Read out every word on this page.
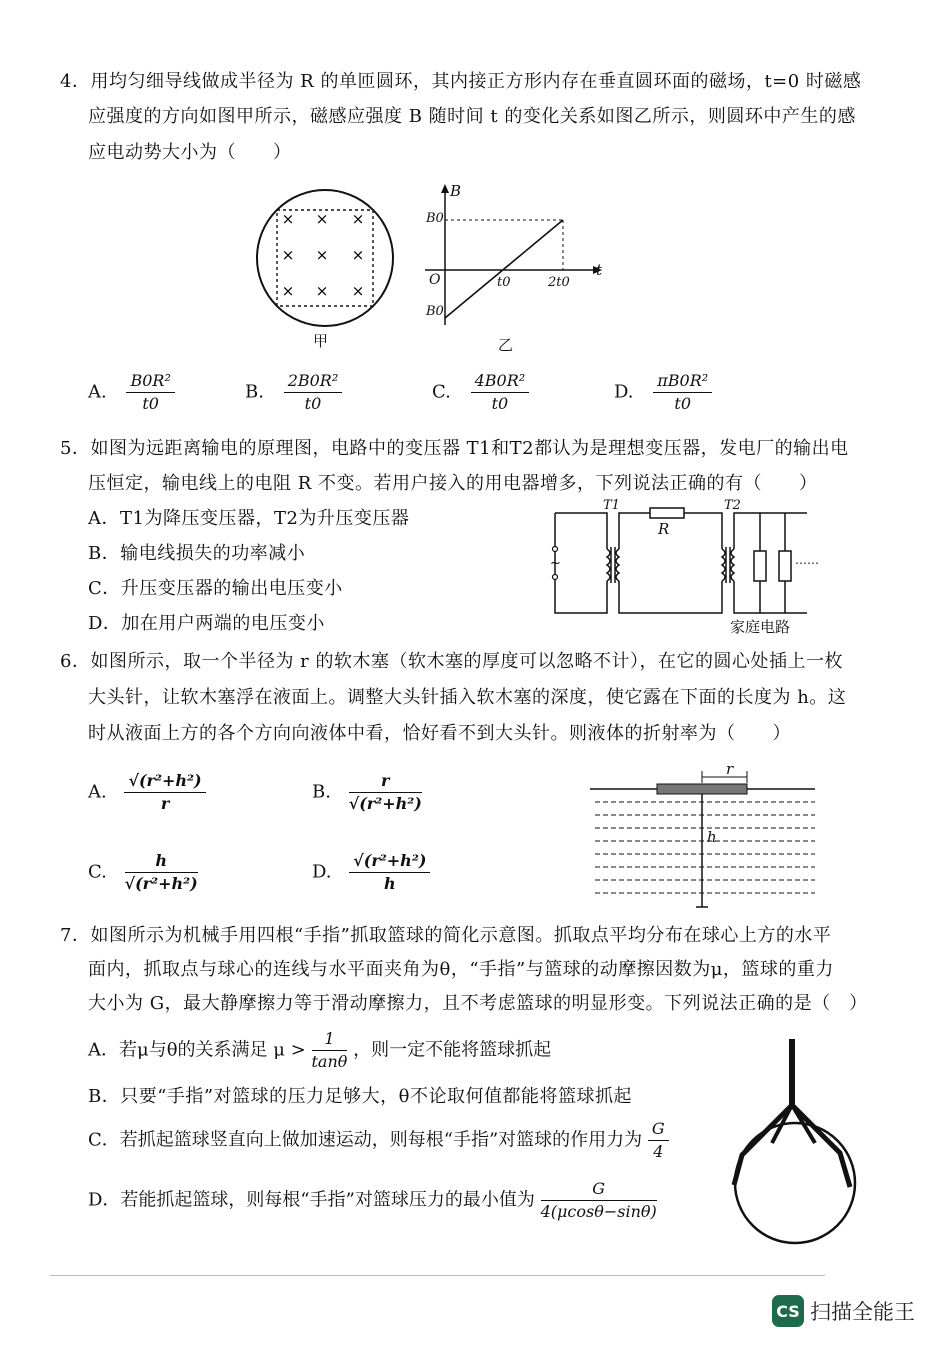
4．用均匀细导线做成半径为 R 的单匝圆环，其内接正方形内存在垂直圆环面的磁场，t=0 时磁感
应强度的方向如图甲所示，磁感应强度 B 随时间 t 的变化关系如图乙所示，则圆环中产生的感
应电动势大小为（　　）
× × ×
× × ×
× × ×
甲
B
t
B0
B0
O	t0	2t0
乙
A. $\frac{\text{B0R²}}{t0}$	B. $\frac{\text{2B0R²}}{t0}$	C. $\frac{\text{4B0R²}}{t0}$	D. $\frac{\text{πB0R²}}{t0}$
5．如图为远距离输电的原理图，电路中的变压器 T1和T2都认为是理想变压器，发电厂的输出电
压恒定，输电线上的电阻 R 不变。若用户接入的用电器增多，下列说法正确的有（　　）
A．T1为降压变压器，T2为升压变压器
B．输电线损失的功率减小
C．升压变压器的输出电压变小
D．加在用户两端的电压变小
~
T1	T2
R
……
家庭电路
6．如图所示，取一个半径为 r 的软木塞（软木塞的厚度可以忽略不计），在它的圆心处插上一枚
大头针，让软木塞浮在液面上。调整大头针插入软木塞的深度，使它露在下面的长度为 h。这
时从液面上方的各个方向向液体中看，恰好看不到大头针。则液体的折射率为（　　）
A. $\frac{\text{√(r²+h²)}}{r}$	B. $\frac{r}{\text{√(r²+h²)}}$
C. $\frac{h}{\text{√(r²+h²)}}$	D. $\frac{\text{√(r²+h²)}}{h}$
r
h
7．如图所示为机械手用四根“手指”抓取篮球的简化示意图。抓取点平均分布在球心上方的水平
面内，抓取点与球心的连线与水平面夹角为θ，“手指”与篮球的动摩擦因数为μ，篮球的重力
大小为 G，最大静摩擦力等于滑动摩擦力，且不考虑篮球的明显形变。下列说法正确的是（　）
A．若μ与θ的关系满足 $\mu > \frac{1}{\tan\theta}$ ，则一定不能将篮球抓起
B．只要“手指”对篮球的压力足够大，θ不论取何值都能将篮球抓起
C．若抓起篮球竖直向上做加速运动，则每根“手指”对篮球的作用力为 $\frac{G}{4}$
D．若能抓起篮球，则每根“手指”对篮球压力的最小值为 $\frac{G}{4(\mu\cos\theta-\sin\theta)}$
CS 扫描全能王
